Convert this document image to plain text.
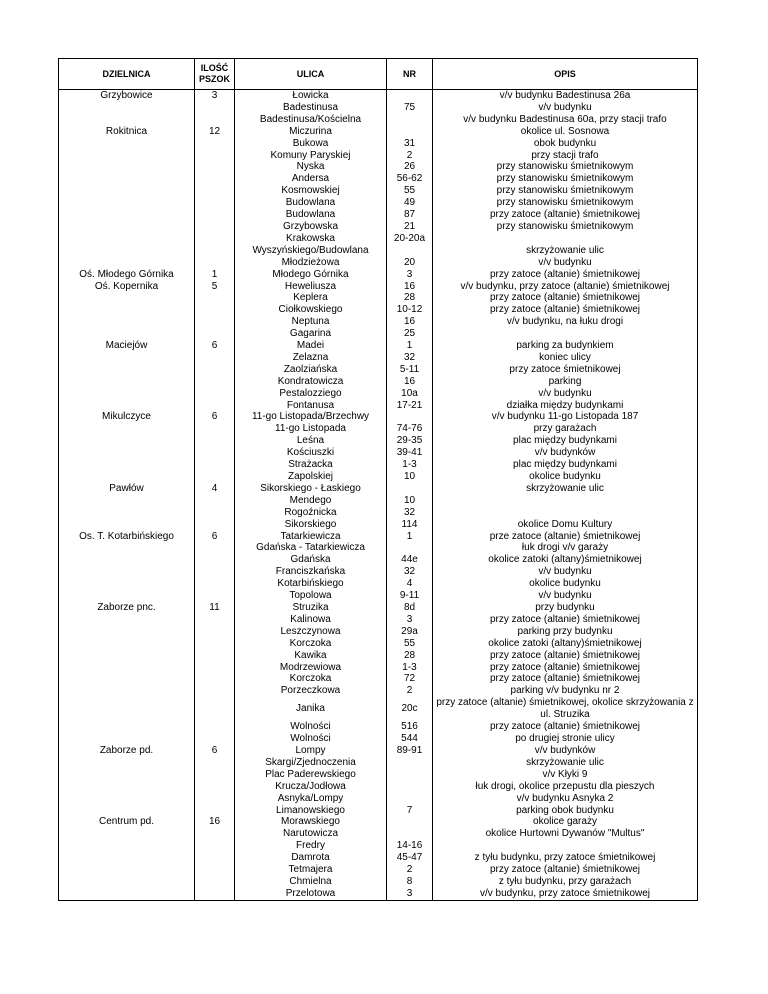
DZIELNICA	ILOŚĆ PSZOK	ULICA	NR	OPIS
Grzybowice	3	Łowicka		v/v budynku Badestinusa 26a
		Badestinusa	75	v/v budynku
		Badestinusa/Kościelna		v/v budynku Badestinusa 60a, przy stacji trafo
Rokitnica	12	Miczurina		okolice ul. Sosnowa
		Bukowa	31	obok budynku
		Komuny Paryskiej	2	przy stacji trafo
		Nyska	26	przy stanowisku śmietnikowym
		Andersa	56-62	przy stanowisku śmietnikowym
		Kosmowskiej	55	przy stanowisku śmietnikowym
		Budowlana	49	przy stanowisku śmietnikowym
		Budowlana	87	przy zatoce (altanie) śmietnikowej
		Grzybowska	21	przy stanowisku śmietnikowym
		Krakowska	20-20a	
		Wyszyńskiego/Budowlana		skrzyżowanie ulic
		Młodzieżowa	20	v/v budynku
Oś. Młodego Górnika	1	Młodego Górnika	3	przy zatoce (altanie) śmietnikowej
Oś. Kopernika	5	Heweliusza	16	v/v budynku, przy zatoce (altanie) śmietnikowej
		Keplera	28	przy zatoce (altanie) śmietnikowej
		Ciołkowskiego	10-12	przy zatoce (altanie) śmietnikowej
		Neptuna	16	v/v budynku, na łuku drogi
		Gagarina	25	
Maciejów	6	Madei	1	parking za budynkiem
		Żelazna	32	koniec ulicy
		Zaolziańska	5-11	przy zatoce śmietnikowej
		Kondratowicza	16	parking
		Pestalozziego	10a	v/v budynku
		Fontanusa	17-21	działka między budynkami
Mikulczyce	6	11-go Listopada/Brzechwy		v/v budynku 11-go Listopada 187
		11-go Listopada	74-76	przy garażach
		Leśna	29-35	plac między budynkami
		Kościuszki	39-41	v/v budynków
		Strażacka	1-3	plac między budynkami
		Zapolskiej	10	okolice budynku
Pawłów	4	Sikorskiego - Łaskiego		skrzyżowanie ulic
		Mendego	10	
		Rogoźnicka	32	
		Sikorskiego	114	okolice Domu Kultury
Os. T. Kotarbińskiego	6	Tatarkiewicza	1	prze zatoce (altanie) śmietnikowej
		Gdańska - Tatarkiewicza		łuk drogi v/v garaży
		Gdańska	44e	okolice zatoki (altany)śmietnikowej
		Franciszkańska	32	v/v budynku
		Kotarbińskiego	4	okolice budynku
		Topolowa	9-11	v/v budynku
Zaborze pnc.	11	Struzika	8d	przy budynku
		Kalinowa	3	przy zatoce (altanie) śmietnikowej
		Leszczynowa	29a	parking przy budynku
		Korczoka	55	okolice zatoki (altany)śmietnikowej
		Kawika	28	przy zatoce (altanie) śmietnikowej
		Modrzewiowa	1-3	przy zatoce (altanie) śmietnikowej
		Korczoka	72	przy zatoce (altanie) śmietnikowej
		Porzeczkowa	2	parking v/v budynku nr 2
		Janika	20c	przy zatoce (altanie) śmietnikowej, okolice skrzyżowania z ul. Struzika
		Wolności	516	przy zatoce (altanie) śmietnikowej
		Wolności	544	po drugiej stronie ulicy
Zaborze pd.	6	Lompy	89-91	v/v budynków
		Skargi/Zjednoczenia		skrzyżowanie ulic
		Plac Paderewskiego		v/v Kłyki 9
		Krucza/Jodłowa		łuk drogi, okolice przepustu dla pieszych
		Asnyka/Lompy		v/v budynku Asnyka 2
		Limanowskiego	7	parking obok budynku
Centrum pd.	16	Morawskiego		okolice garaży
		Narutowicza		okolice Hurtowni Dywanów "Multus"
		Fredry	14-16	
		Damrota	45-47	z tyłu budynku, przy zatoce śmietnikowej
		Tetmajera	2	przy zatoce (altanie) śmietnikowej
		Chmielna	8	z tyłu budynku, przy garażach
		Przelotowa	3	v/v budynku, przy zatoce śmietnikowej
